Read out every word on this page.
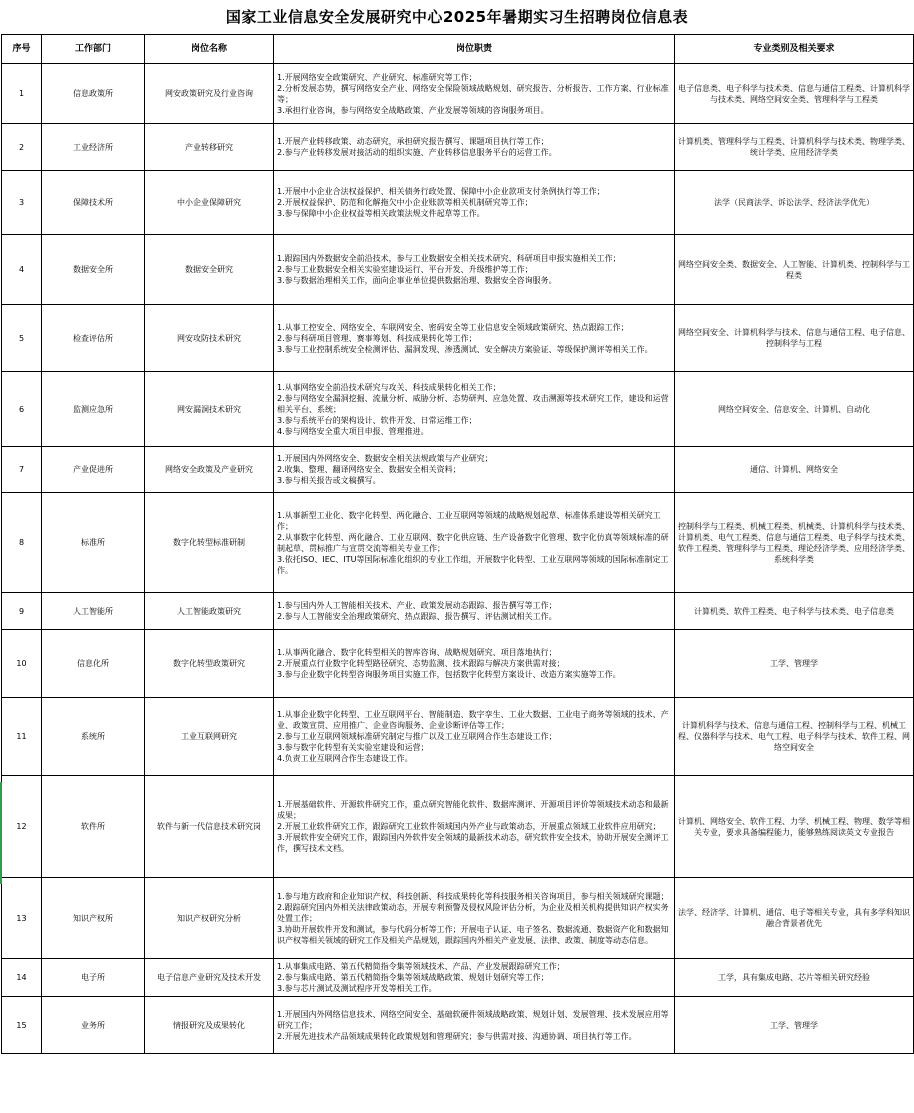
国家工业信息安全发展研究中心2025年暑期实习生招聘岗位信息表
序号	工作部门	岗位名称	岗位职责	专业类别及相关要求
1	信息政策所	网安政策研究及行业咨询	1.开展网络安全政策研究、产业研究、标准研究等工作；
2.分析发展态势，撰写网络安全产业、网络安全保险领域战略规划、研究报告、分析报告、工作方案、行业标准等；
3.承担行业咨询，参与网络安全战略政策、产业发展等领域的咨询服务项目。	电子信息类、电子科学与技术类、信息与通信工程类、计算机科学与技术类、网络空间安全类、管理科学与工程类
2	工业经济所	产业转移研究	1.开展产业转移政策、动态研究，承担研究报告撰写、课题项目执行等工作；
2.参与产业转移发展对接活动的组织实施、产业转移信息服务平台的运营工作。	计算机类、管理科学与工程类、计算机科学与技术类、物理学类、统计学类、应用经济学类
3	保障技术所	中小企业保障研究	1.开展中小企业合法权益保护、相关债务行政处置、保障中小企业款项支付条例执行等工作；
2.开展权益保护、防范和化解拖欠中小企业账款等相关机制研究等工作；
3.参与保障中小企业权益等相关政策法规文件起草等工作。	法学（民商法学、诉讼法学、经济法学优先）
4	数据安全所	数据安全研究	1.跟踪国内外数据安全前沿技术，参与工业数据安全相关技术研究、科研项目申报实施相关工作；
2.参与工业数据安全相关实验室建设运行、平台开发、升级维护等工作；
3.参与数据治理相关工作，面向企事业单位提供数据治理、数据安全咨询服务。	网络空间安全类、数据安全、人工智能、计算机类、控制科学与工程类
5	检查评估所	网安攻防技术研究	1.从事工控安全、网络安全、车联网安全、密码安全等工业信息安全领域政策研究、热点跟踪工作；
2.参与科研项目管理、赛事筹划、科技成果转化等工作；
3.参与工业控制系统安全检测评估、漏洞发现、渗透测试、安全解决方案验证、等级保护测评等相关工作。	网络空间安全、计算机科学与技术、信息与通信工程、电子信息、控制科学与工程
6	监测应急所	网安漏洞技术研究	1.从事网络安全前沿技术研究与攻关、科技成果转化相关工作；
2.参与网络安全漏洞挖掘、流量分析、威胁分析、态势研判、应急处置、攻击溯源等技术研究工作，建设和运营相关平台、系统；
3.参与系统平台的架构设计、软件开发、日常运维工作；
4.参与网络安全重大项目申报、管理推进。	网络空间安全、信息安全、计算机、自动化
7	产业促进所	网络安全政策及产业研究	1.开展国内外网络安全、数据安全相关法规政策与产业研究；
2.收集、整理、翻译网络安全、数据安全相关资料；
3.参与相关报告或文稿撰写。	通信、计算机、网络安全
8	标准所	数字化转型标准研制	1.从事新型工业化、数字化转型、两化融合、工业互联网等领域的战略规划起草、标准体系建设等相关研究工作；
2.从事数字化转型、两化融合、工业互联网、数字化供应链、生产设备数字化管理、数字化仿真等领域标准的研制起草、贯标推广与宣贯交流等相关专业工作；
3.依托ISO、IEC、ITU等国际标准化组织的专业工作组，开展数字化转型、工业互联网等领域的国际标准制定工作。	控制科学与工程类、机械工程类、机械类、计算机科学与技术类、计算机类、电气工程类、信息与通信工程类、电子科学与技术类、软件工程类、管理科学与工程类、理论经济学类、应用经济学类、系统科学类
9	人工智能所	人工智能政策研究	1.参与国内外人工智能相关技术、产业、政策发展动态跟踪、报告撰写等工作；
2.参与人工智能安全治理政策研究、热点跟踪、报告撰写、评估测试相关工作。	计算机类、软件工程类、电子科学与技术类、电子信息类
10	信息化所	数字化转型政策研究	1.从事两化融合、数字化转型相关的智库咨询、战略规划研究、项目落地执行；
2.开展重点行业数字化转型路径研究、态势监测、技术跟踪与解决方案供需对接；
3.参与企业数字化转型咨询服务项目实施工作，包括数字化转型方案设计、改造方案实施等工作。	工学、管理学
11	系统所	工业互联网研究	1.从事企业数字化转型、工业互联网平台、智能制造、数字孪生、工业大数据、工业电子商务等领域的技术、产业、政策宣贯、应用推广、企业咨询服务、企业诊断评估等工作；
2.参与工业互联网领域标准研究制定与推广以及工业互联网合作生态建设工作；
3.参与数字化转型有关实验室建设和运营；
4.负责工业互联网合作生态建设工作。	计算机科学与技术、信息与通信工程、控制科学与工程、机械工程、仪器科学与技术、电气工程、电子科学与技术、软件工程、网络空间安全
12	软件所	软件与新一代信息技术研究岗	1.开展基础软件、开源软件研究工作，重点研究智能化软件、数据库测评、开源项目评价等领域技术动态和最新成果；
2.开展工业软件研究工作，跟踪研究工业软件领域国内外产业与政策动态，开展重点领域工业软件应用研究；
3.开展软件安全研究工作，跟踪国内外软件安全领域的最新技术动态，研究软件安全技术，协助开展安全测评工作，撰写技术文档。	计算机、网络安全、软件工程、力学、机械工程、物理、数学等相关专业，要求具备编程能力，能够熟练阅读英文专业报告
13	知识产权所	知识产权研究分析	1.参与地方政府和企业知识产权、科技创新、科技成果转化等科技服务相关咨询项目，参与相关领域研究课题；
2.跟踪研究国内外相关法律政策动态，开展专利预警及侵权风险评估分析，为企业及相关机构提供知识产权实务处置工作；
3.协助开展软件开发和测试，参与代码分析等工作；开展电子认证、电子签名、数据流通、数据资产化和数据知识产权等相关领域的研究工作及相关产品规划，跟踪国内外相关产业发展、法律、政策、制度等动态信息。	法学、经济学、计算机、通信、电子等相关专业，具有多学科知识融合背景者优先
14	电子所	电子信息产业研究及技术开发	1.从事集成电路、第五代精简指令集等领域技术、产品、产业发展跟踪研究工作；
2.参与集成电路、第五代精简指令集等领域战略政策、规划计划研究等工作；
3.参与芯片测试及测试程序开发等相关工作。	工学，具有集成电路、芯片等相关研究经验
15	业务所	情报研究及成果转化	1.开展国内外网络信息技术、网络空间安全、基础软硬件领域战略政策、规划计划、发展管理、技术发展应用等研究工作；
2.开展先进技术产品领域成果转化政策规划和管理研究；参与供需对接、沟通协调、项目执行等工作。	工学、管理学
